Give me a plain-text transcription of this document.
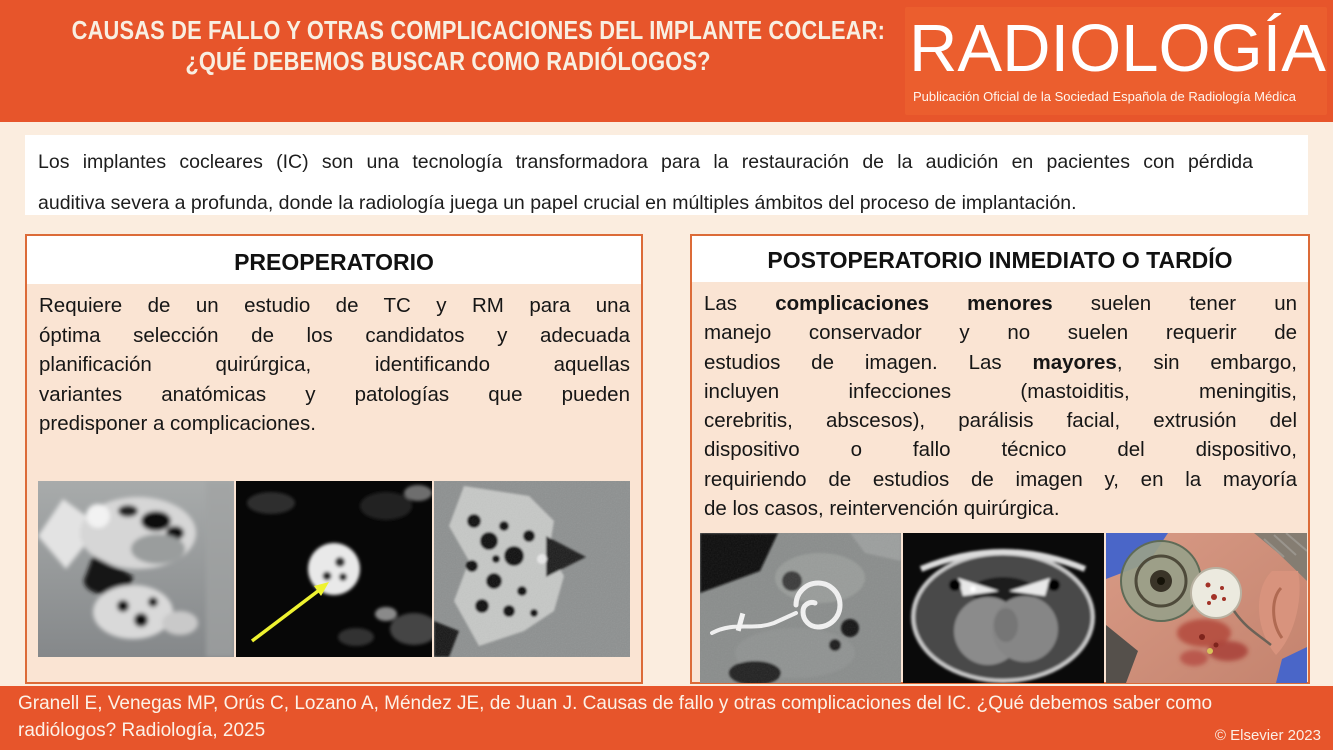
CAUSAS DE FALLO Y OTRAS COMPLICACIONES DEL IMPLANTE COCLEAR:
¿QUÉ DEBEMOS BUSCAR COMO RADIÓLOGOS?	RADIOLOGÍA
Publicación Oficial de la Sociedad Española de Radiología Médica
Los implantes cocleares (IC) son una tecnología transformadora para la restauración de la audición en pacientes con pérdida
auditiva severa a profunda, donde la radiología juega un papel crucial en múltiples ámbitos del proceso de implantación.
PREOPERATORIO
Requiere de un estudio de TC y RM para una
óptima selección de los candidatos y adecuada
planificación quirúrgica, identificando aquellas
variantes anatómicas y patologías que pueden
predisponer a complicaciones.
POSTOPERATORIO INMEDIATO O TARDÍO
Las complicaciones menores suelen tener un
manejo conservador y no suelen requerir de
estudios de imagen. Las mayores, sin embargo,
incluyen infecciones (mastoiditis, meningitis,
cerebritis, abscesos), parálisis facial, extrusión del
dispositivo o fallo técnico del dispositivo,
requiriendo de estudios de imagen y, en la mayoría
de los casos, reintervención quirúrgica.
Granell E, Venegas MP, Orús C, Lozano A, Méndez JE, de Juan J. Causas de fallo y otras complicaciones del IC. ¿Qué debemos saber como
radiólogos? Radiología, 2025	© Elsevier 2023
